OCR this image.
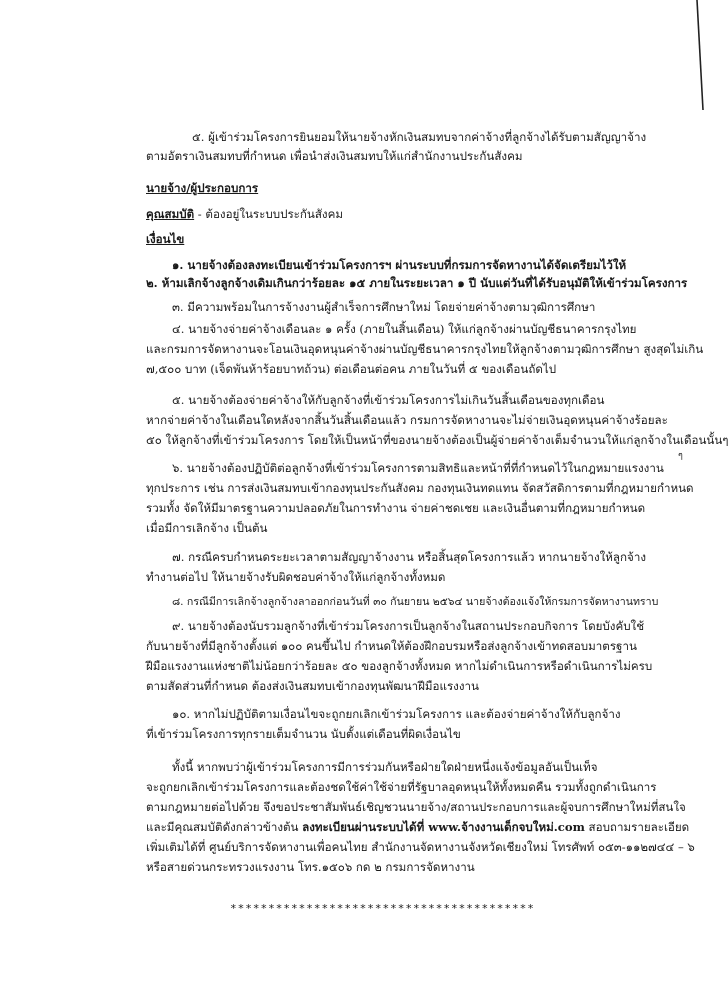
๕. ผู้เข้าร่วมโครงการยินยอมให้นายจ้างหักเงินสมทบจากค่าจ้างที่ลูกจ้างได้รับตามสัญญาจ้าง
ตามอัตราเงินสมทบที่กำหนด เพื่อนำส่งเงินสมทบให้แก่สำนักงานประกันสังคม
นายจ้าง/ผู้ประกอบการ
คุณสมบัติ - ต้องอยู่ในระบบประกันสังคม
เงื่อนไข
๑. นายจ้างต้องลงทะเบียนเข้าร่วมโครงการฯ ผ่านระบบที่กรมการจัดหางานได้จัดเตรียมไว้ให้
๒. ห้ามเลิกจ้างลูกจ้างเดิมเกินกว่าร้อยละ ๑๕ ภายในระยะเวลา ๑ ปี นับแต่วันที่ได้รับอนุมัติให้เข้าร่วมโครงการ
๓. มีความพร้อมในการจ้างงานผู้สำเร็จการศึกษาใหม่ โดยจ่ายค่าจ้างตามวุฒิการศึกษา
๔. นายจ้างจ่ายค่าจ้างเดือนละ ๑ ครั้ง (ภายในสิ้นเดือน) ให้แก่ลูกจ้างผ่านบัญชีธนาคารกรุงไทย
และกรมการจัดหางานจะโอนเงินอุดหนุนค่าจ้างผ่านบัญชีธนาคารกรุงไทยให้ลูกจ้างตามวุฒิการศึกษา สูงสุดไม่เกิน
๗,๕๐๐ บาท (เจ็ดพันห้าร้อยบาทถ้วน) ต่อเดือนต่อคน ภายในวันที่ ๕ ของเดือนถัดไป
๕. นายจ้างต้องจ่ายค่าจ้างให้กับลูกจ้างที่เข้าร่วมโครงการไม่เกินวันสิ้นเดือนของทุกเดือน
หากจ่ายค่าจ้างในเดือนใดหลังจากสิ้นวันสิ้นเดือนแล้ว กรมการจัดหางานจะไม่จ่ายเงินอุดหนุนค่าจ้างร้อยละ
๕๐ ให้ลูกจ้างที่เข้าร่วมโครงการ โดยให้เป็นหน้าที่ของนายจ้างต้องเป็นผู้จ่ายค่าจ้างเต็มจำนวนให้แก่ลูกจ้างในเดือนนั้นๆ
ๆ
๖. นายจ้างต้องปฏิบัติต่อลูกจ้างที่เข้าร่วมโครงการตามสิทธิและหน้าที่ที่กำหนดไว้ในกฎหมายแรงงาน
ทุกประการ เช่น การส่งเงินสมทบเข้ากองทุนประกันสังคม กองทุนเงินทดแทน จัดสวัสดิการตามที่กฎหมายกำหนด
รวมทั้ง จัดให้มีมาตรฐานความปลอดภัยในการทำงาน จ่ายค่าชดเชย และเงินอื่นตามที่กฎหมายกำหนด
เมื่อมีการเลิกจ้าง เป็นต้น
๗. กรณีครบกำหนดระยะเวลาตามสัญญาจ้างงาน หรือสิ้นสุดโครงการแล้ว หากนายจ้างให้ลูกจ้าง
ทำงานต่อไป ให้นายจ้างรับผิดชอบค่าจ้างให้แก่ลูกจ้างทั้งหมด
๘. กรณีมีการเลิกจ้างลูกจ้างลาออกก่อนวันที่ ๓๐ กันยายน ๒๕๖๔ นายจ้างต้องแจ้งให้กรมการจัดหางานทราบ
๙. นายจ้างต้องนับรวมลูกจ้างที่เข้าร่วมโครงการเป็นลูกจ้างในสถานประกอบกิจการ โดยบังคับใช้
กับนายจ้างที่มีลูกจ้างตั้งแต่ ๑๐๐ คนขึ้นไป กำหนดให้ต้องฝึกอบรมหรือส่งลูกจ้างเข้าทดสอบมาตรฐาน
ฝีมือแรงงานแห่งชาติไม่น้อยกว่าร้อยละ ๕๐ ของลูกจ้างทั้งหมด หากไม่ดำเนินการหรือดำเนินการไม่ครบ
ตามสัดส่วนที่กำหนด ต้องส่งเงินสมทบเข้ากองทุนพัฒนาฝีมือแรงงาน
๑๐. หากไม่ปฏิบัติตามเงื่อนไขจะถูกยกเลิกเข้าร่วมโครงการ และต้องจ่ายค่าจ้างให้กับลูกจ้าง
ที่เข้าร่วมโครงการทุกรายเต็มจำนวน นับตั้งแต่เดือนที่ผิดเงื่อนไข
ทั้งนี้ หากพบว่าผู้เข้าร่วมโครงการมีการร่วมกันหรือฝ่ายใดฝ่ายหนึ่งแจ้งข้อมูลอันเป็นเท็จ
จะถูกยกเลิกเข้าร่วมโครงการและต้องชดใช้ค่าใช้จ่ายที่รัฐบาลอุดหนุนให้ทั้งหมดคืน รวมทั้งถูกดำเนินการ
ตามกฎหมายต่อไปด้วย จึงขอประชาสัมพันธ์เชิญชวนนายจ้าง/สถานประกอบการและผู้จบการศึกษาใหม่ที่สนใจ
และมีคุณสมบัติดังกล่าวข้างต้น ลงทะเบียนผ่านระบบได้ที่ www.จ้างงานเด็กจบใหม่.com สอบถามรายละเอียด
เพิ่มเติมได้ที่ ศูนย์บริการจัดหางานเพื่อคนไทย สำนักงานจัดหางานจังหวัดเชียงใหม่ โทรศัพท์ ๐๕๓-๑๑๒๗๔๔ – ๖
หรือสายด่วนกระทรวงแรงงาน โทร.๑๕๐๖ กด ๒ กรมการจัดหางาน
****************************************
